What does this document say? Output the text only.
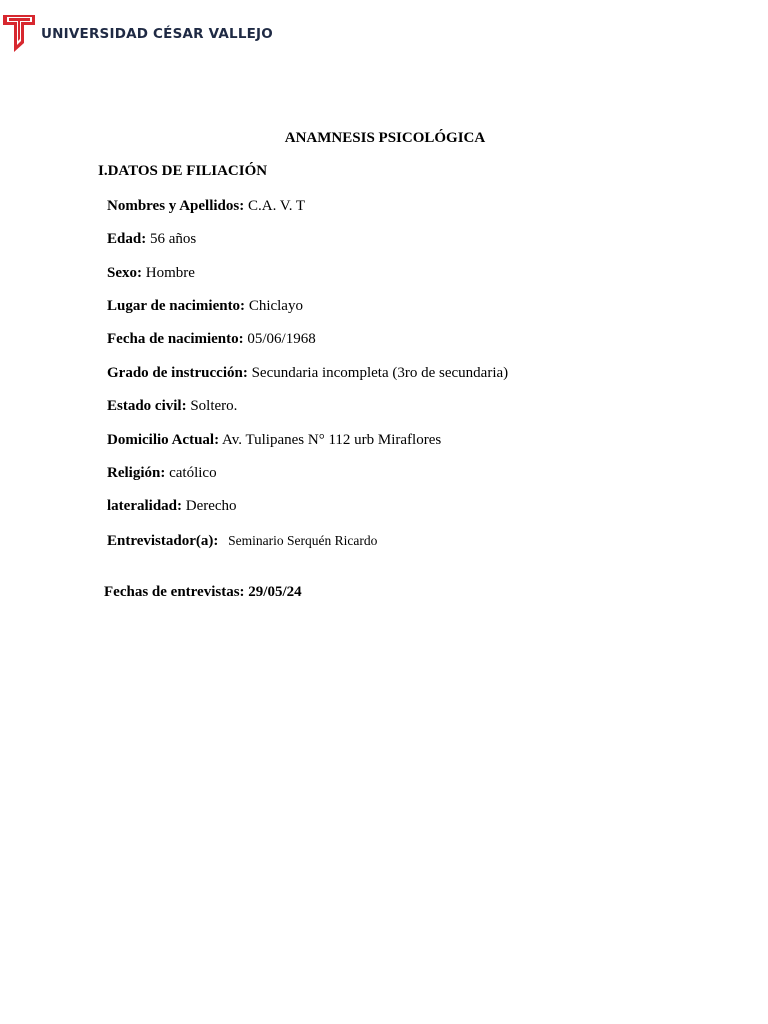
UNIVERSIDAD CÉSAR VALLEJO
ANAMNESIS PSICOLÓGICA
I.DATOS DE FILIACIÓN
Nombres y Apellidos: C.A. V. T
Edad: 56 años
Sexo: Hombre
Lugar de nacimiento: Chiclayo
Fecha de nacimiento: 05/06/1968
Grado de instrucción: Secundaria incompleta (3ro de secundaria)
Estado civil: Soltero.
Domicilio Actual: Av. Tulipanes N° 112 urb Miraflores
Religión: católico
lateralidad: Derecho
Entrevistador(a): Seminario Serquén Ricardo
Fechas de entrevistas: 29/05/24
